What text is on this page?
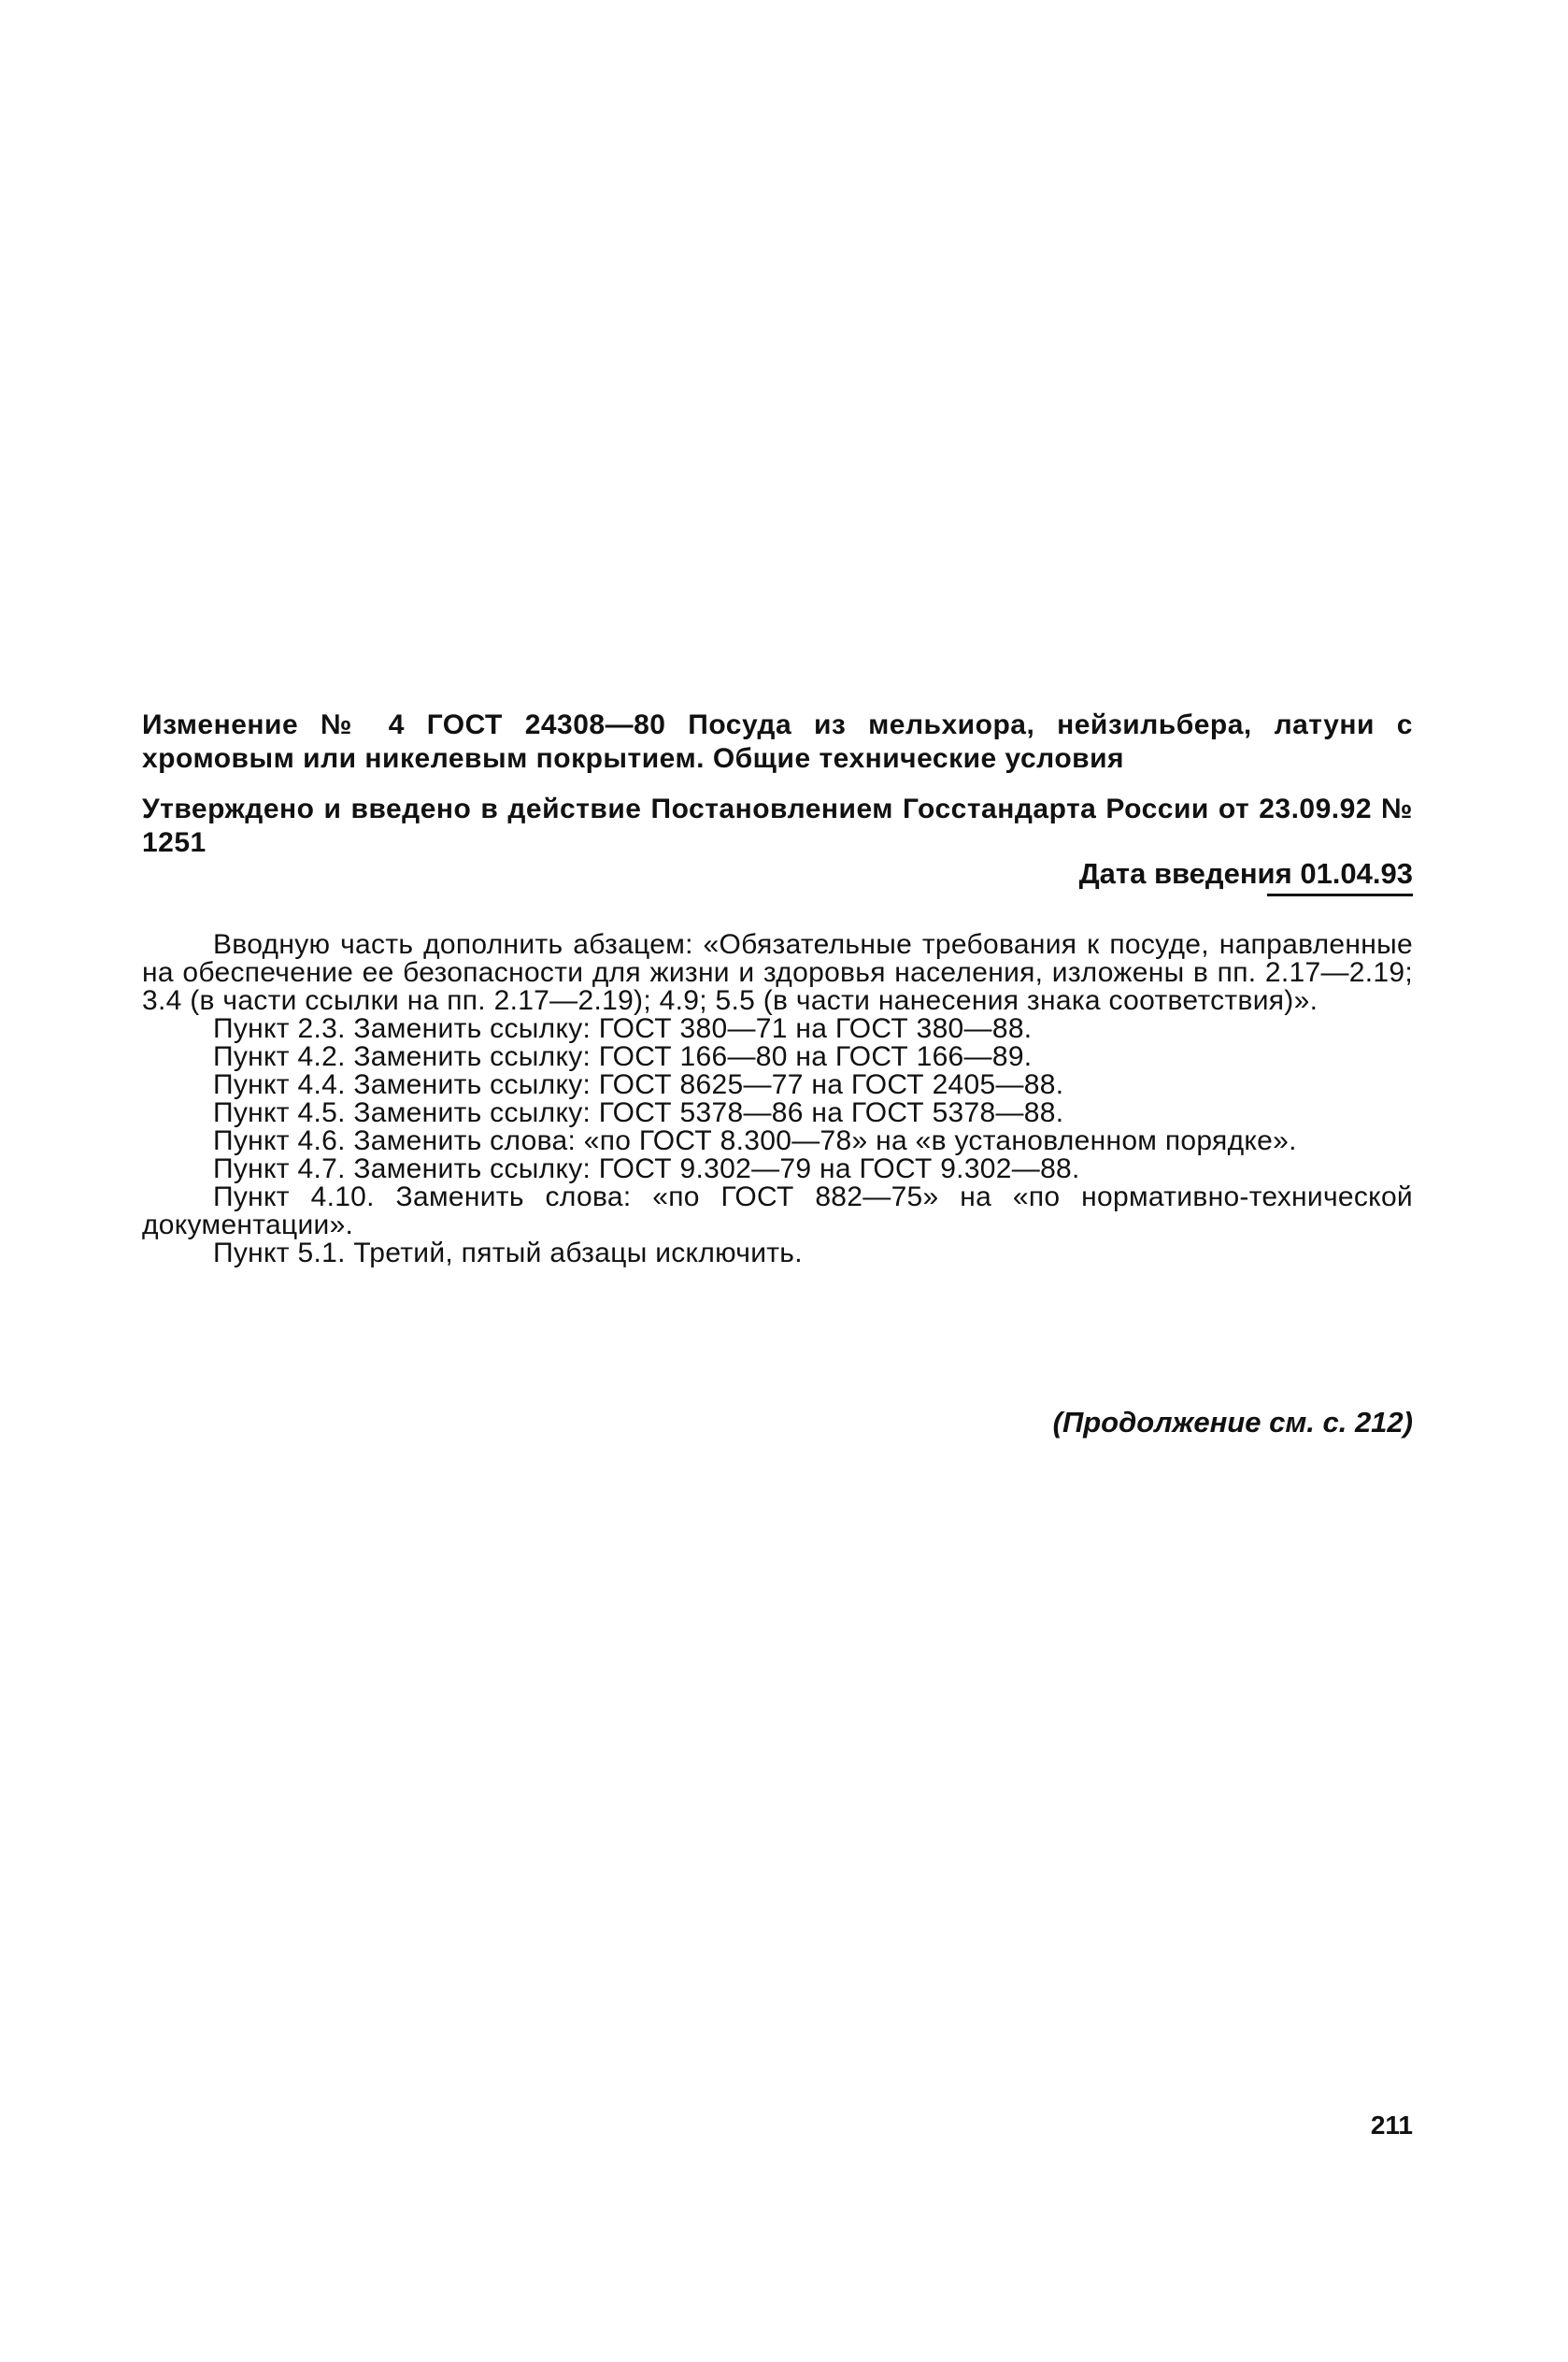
Изменение № 4 ГОСТ 24308—80 Посуда из мельхиора, нейзильбера, латуни с хромовым или никелевым покрытием. Общие технические условия
Утверждено и введено в действие Постановлением Госстандарта России от 23.09.92 № 1251
Дата введения 01.04.93

Вводную часть дополнить абзацем: «Обязательные требования к посуде, направленные на обеспечение ее безопасности для жизни и здоровья населения, изложены в пп. 2.17—2.19; 3.4 (в части ссылки на пп. 2.17—2.19); 4.9; 5.5 (в части нанесения знака соответствия)».

Пункт 2.3. Заменить ссылку: ГОСТ 380—71 на ГОСТ 380—88.

Пункт 4.2. Заменить ссылку: ГОСТ 166—80 на ГОСТ 166—89.

Пункт 4.4. Заменить ссылку: ГОСТ 8625—77 на ГОСТ 2405—88.

Пункт 4.5. Заменить ссылку: ГОСТ 5378—86 на ГОСТ 5378—88.

Пункт 4.6. Заменить слова: «по ГОСТ 8.300—78» на «в установленном порядке».

Пункт 4.7. Заменить ссылку: ГОСТ 9.302—79 на ГОСТ 9.302—88.

Пункт 4.10. Заменить слова: «по ГОСТ 882—75» на «по нормативно-технической документации».

Пункт 5.1. Третий, пятый абзацы исключить.

(Продолжение см. с. 212)
211
